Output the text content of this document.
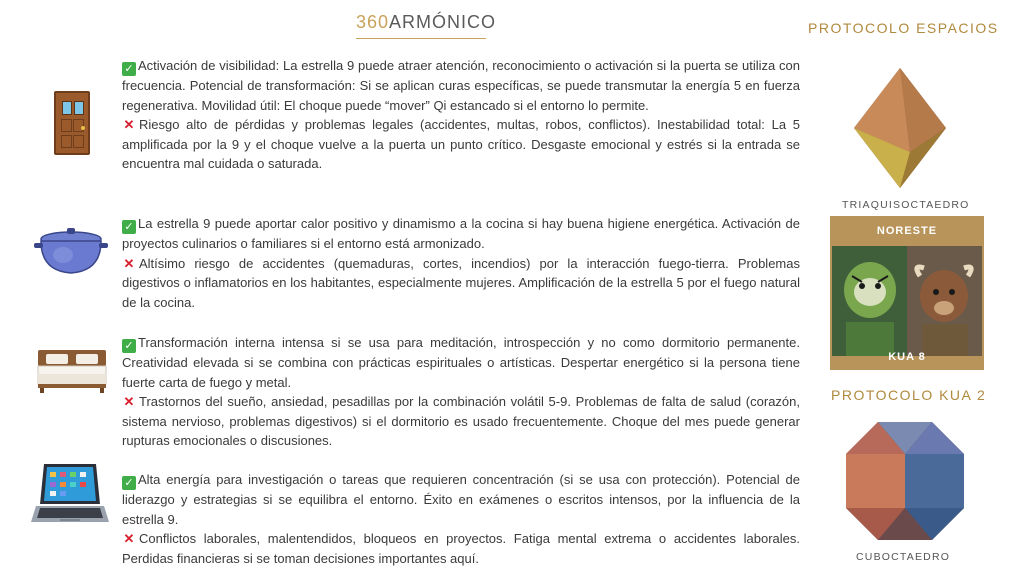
360ARMÓNICO

✓ Activación de visibilidad: La estrella 9 puede atraer atención, reconocimiento o activación si la puerta se utiliza con frecuencia. Potencial de transformación: Si se aplican curas específicas, se puede transmutar la energía 5 en fuerza regenerativa. Movilidad útil: El choque puede “mover” Qi estancado si el entorno lo permite.

✕ Riesgo alto de pérdidas y problemas legales (accidentes, multas, robos, conflictos). Inestabilidad total: La 5 amplificada por la 9 y el choque vuelve a la puerta un punto crítico. Desgaste emocional y estrés si la entrada se encuentra mal cuidada o saturada.

✓ La estrella 9 puede aportar calor positivo y dinamismo a la cocina si hay buena higiene energética. Activación de proyectos culinarios o familiares si el entorno está armonizado.

✕ Altísimo riesgo de accidentes (quemaduras, cortes, incendios) por la interacción fuego-tierra. Problemas digestivos o inflamatorios en los habitantes, especialmente mujeres. Amplificación de la estrella 5 por el fuego natural de la cocina.

✓ Transformación interna intensa si se usa para meditación, introspección y no como dormitorio permanente. Creatividad elevada si se combina con prácticas espirituales o artísticas. Despertar energético si la persona tiene fuerte carta de fuego y metal.

✕ Trastornos del sueño, ansiedad, pesadillas por la combinación volátil 5-9. Problemas de falta de salud (corazón, sistema nervioso, problemas digestivos) si el dormitorio es usado frecuentemente. Choque del mes puede generar rupturas emocionales o discusiones.

✓ Alta energía para investigación o tareas que requieren concentración (si se usa con protección). Potencial de liderazgo y estrategias si se equilibra el entorno. Éxito en exámenes o escritos intensos, por la influencia de la estrella 9.

✕ Conflictos laborales, malentendidos, bloqueos en proyectos. Fatiga mental extrema o accidentes laborales. Perdidas financieras si se toman decisiones importantes aquí.

PROTOCOLO ESPACIOS
TRIAQUISOCTAEDRO
NORESTE
KUA 8
PROTOCOLO KUA 2
CUBOCTAEDRO
